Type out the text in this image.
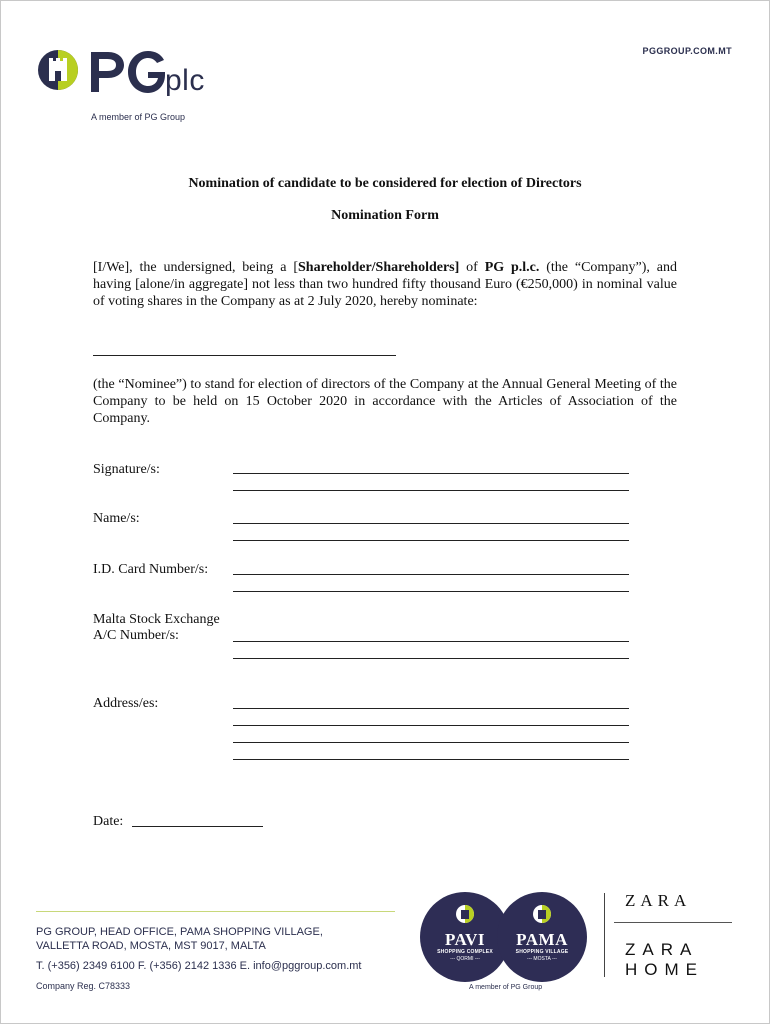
plc
A member of PG Group
PGGROUP.COM.MT
Nomination of candidate to be considered for election of Directors
Nomination Form
[I/We], the undersigned, being a [Shareholder/Shareholders] of PG p.l.c. (the “Company”), and having [alone/in aggregate] not less than two hundred fifty thousand Euro (€250,000) in nominal value of voting shares in the Company as at 2 July 2020, hereby nominate:
(the “Nominee”) to stand for election of directors of the Company at the Annual General Meeting of the Company to be held on 15 October 2020 in accordance with the Articles of Association of the Company.
Signature/s:
Name/s:
I.D. Card Number/s:
Malta Stock Exchange
A/C Number/s:
Address/es:
Date:
PG GROUP, HEAD OFFICE, PAMA SHOPPING VILLAGE,
VALLETTA ROAD, MOSTA, MST 9017, MALTA
T. (+356) 2349 6100 F. (+356) 2142 1336 E. info@pggroup.com.mt
Company Reg. C78333
PAVI
SHOPPING COMPLEX
--- QORMI ---
PAMA
SHOPPING VILLAGE
--- MOSTA ---
A member of PG Group
ZARA
ZARA
HOME
